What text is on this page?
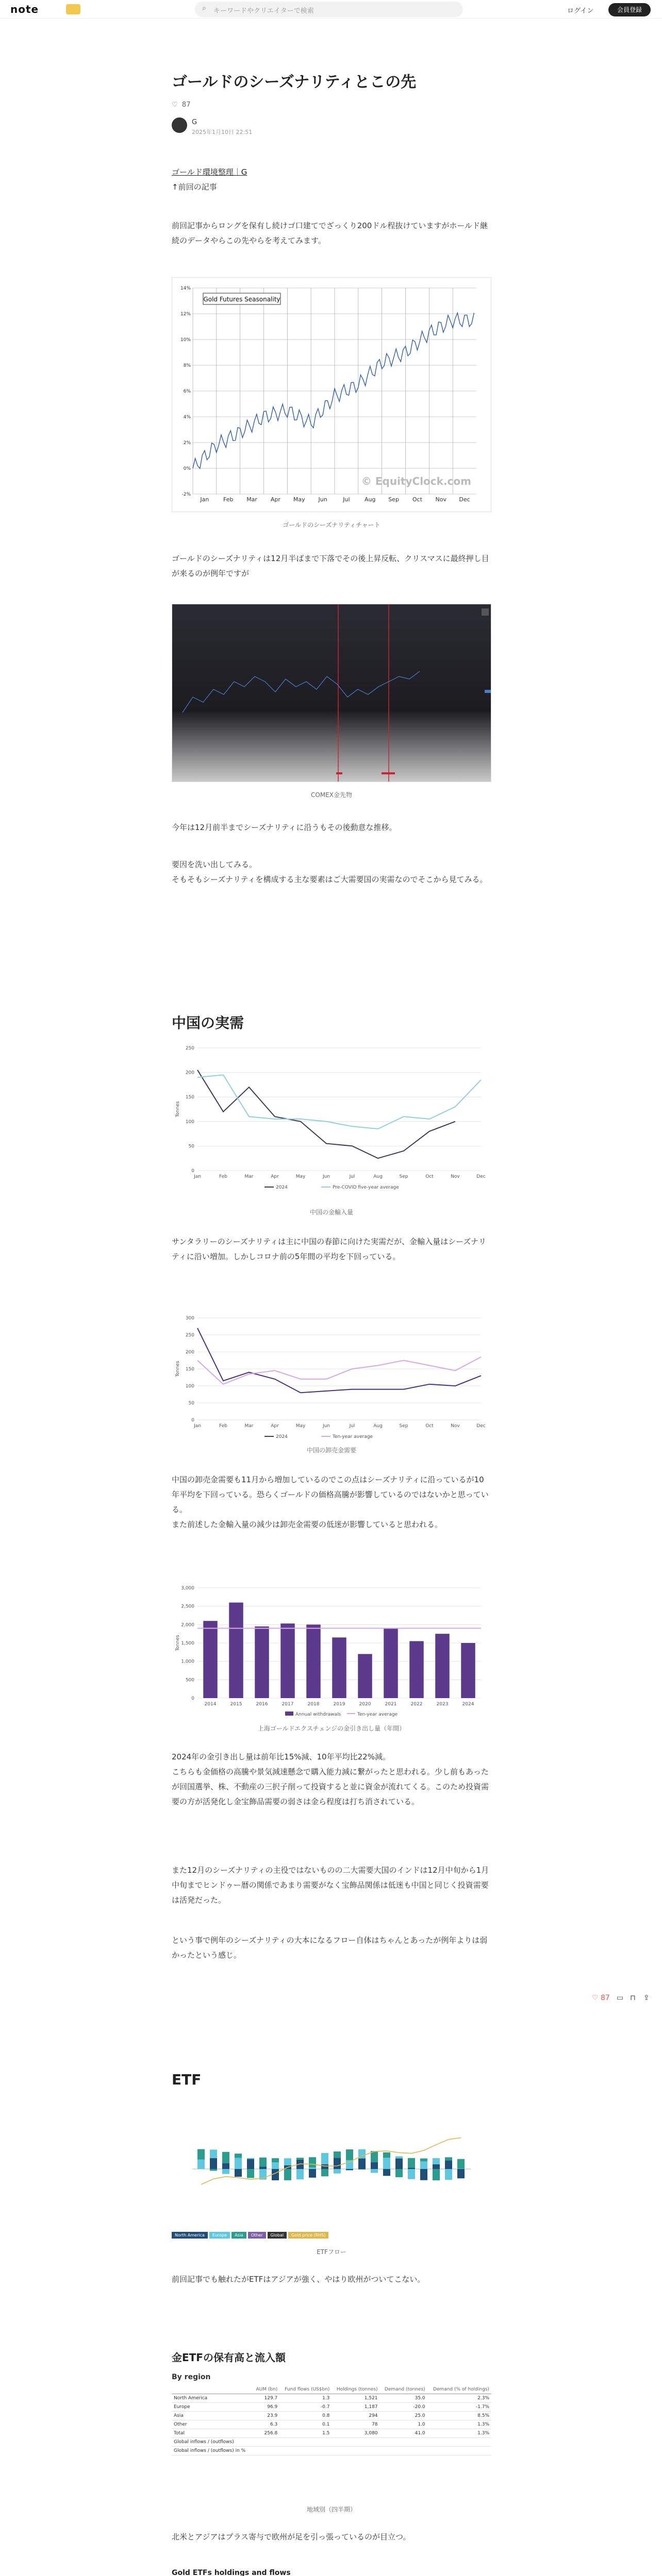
note	⌕ キーワードやクリエイターで検索	ログイン	会員登録
ゴールドのシーズナリティとこの先
♡ 87
G
2025年1月10日 22:51
ゴールド環境整理｜G
↑前回の記事
前回記事からロングを保有し続けゴ口建てでざっくり200ドル程抜けていますがホールド継続のデータやらこの先やらを考えてみます。
-2%
0%
2%
4%
6%
8%
10%
12%
14%
Jan	Feb Mar Apr May Jun	Jul	Aug Sep Oct Nov Dec
Gold Futures Seasonality
© EquityClock.com
ゴールドのシーズナリティチャート
ゴールドのシーズナリティは12月半ばまで下落でその後上昇反転、クリスマスに最終押し目が来るのが例年ですが
COMEX金先物
今年は12月前半までシーズナリティに沿うもその後動意な推移。
要因を洗い出してみる。
そもそもシーズナリティを構成する主な要素はご大需要国の実需なのでそこから見てみる。
中国の実需
0
50
100
150
200
250
Tonnes
Jan	Feb	Mar	Apr	May	Jun	Jul	Aug	Sep	Oct	Nov	Dec
2024	Pre-COVID five-year average
中国の金輸入量
サンタラリーのシーズナリティは主に中国の春節に向けた実需だが、金輸入量はシーズナリティに沿い増加。しかしコロナ前の5年間の平均を下回っている。
0
50
100
150
200
250
300
Tonnes
Jan	Feb	Mar	Apr	May	Jun	Jul	Aug	Sep	Oct	Nov	Dec
2024	Ten-year average
中国の卸売金需要
中国の卸売金需要も11月から増加しているのでこの点はシーズナリティに沿っているが10年平均を下回っている。恐らくゴールドの価格高騰が影響しているのではないかと思っている。
また前述した金輸入量の減少は卸売金需要の低迷が影響していると思われる。
0
500
1,000
1,500
2,000
2,500
3,000
Tonnes
2014	2015	2016	2017	2018	2019	2020	2021	2022	2023	2024
Annual withdrawals	Ten-year average
上海ゴールドエクスチェンジの金引き出し量（年間）
2024年の金引き出し量は前年比15%減、10年平均比22%減。
こちらも金価格の高騰や景気減速懸念で購入能力減に繋がったと思われる。少し前もあったが回国選挙、株、不動産の三択子削って投資すると並に資金が流れてくる。このため投資需要の方が活発化し金宝飾品需要の弱さは金ら程度は打ち消されている。
また12月のシーズナリティの主役ではないものの二大需要大国のインドは12月中旬から1月中旬までヒンドゥー暦の関係であまり需要がなく宝飾品関係は低迷も中国と同じく投資需要は活発だった。
という事で例年のシーズナリティの大本になるフロー自体はちゃんとあったが例年よりは弱かったという感じ。
♡ 87 ▭ ⊓ ⇪
ETF
North America Europe Asia Other Global Gold price (RHS)
ETFフロー
前回記事でも触れたがETFはアジアが強く、やはり欧州がついてこない。
金ETFの保有高と流入額
By region
	AUM (bn)	Fund flows (US$bn)	Holdings (tonnes)	Demand (tonnes)	Demand (% of holdings)
North America	129.7	1.3	1,521	35.0	2.3%
Europe	96.9	-0.7	1,187	-20.0	-1.7%
Asia	23.9	0.8	294	25.0	8.5%
Other	6.3	0.1	78	1.0	1.3%
Total	256.8	1.5	3,080	41.0	1.3%
Global inflows / (outflows)					
Global inflows / (outflows) in %					
地域別（四半期）
北米とアジアはプラス寄与で欧州が足を引っ張っているのが目立つ。
Gold ETFs holdings and flows
